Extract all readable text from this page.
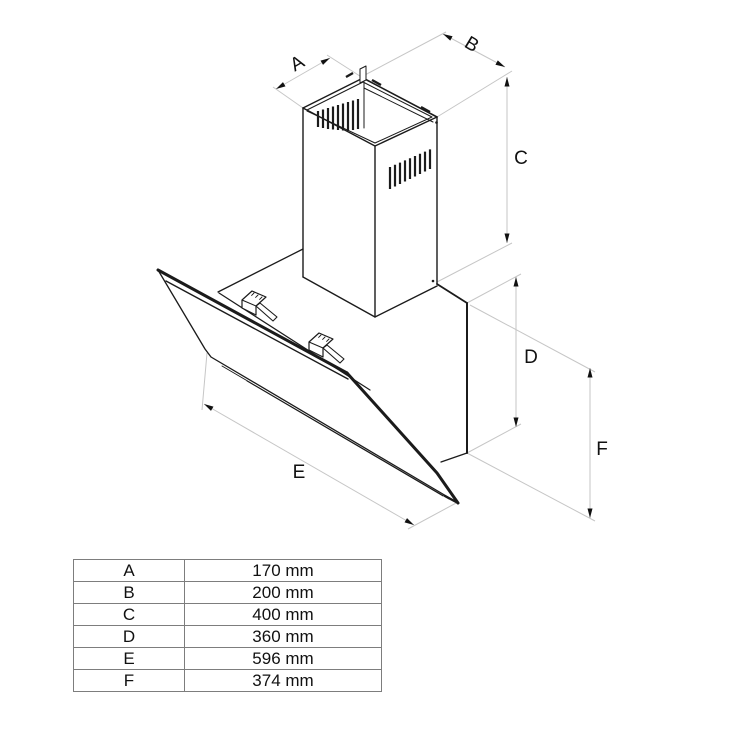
A
B
C
D
E
F
A	170 mm
B	200 mm
C	400 mm
D	360 mm
E	596 mm
F	374 mm
